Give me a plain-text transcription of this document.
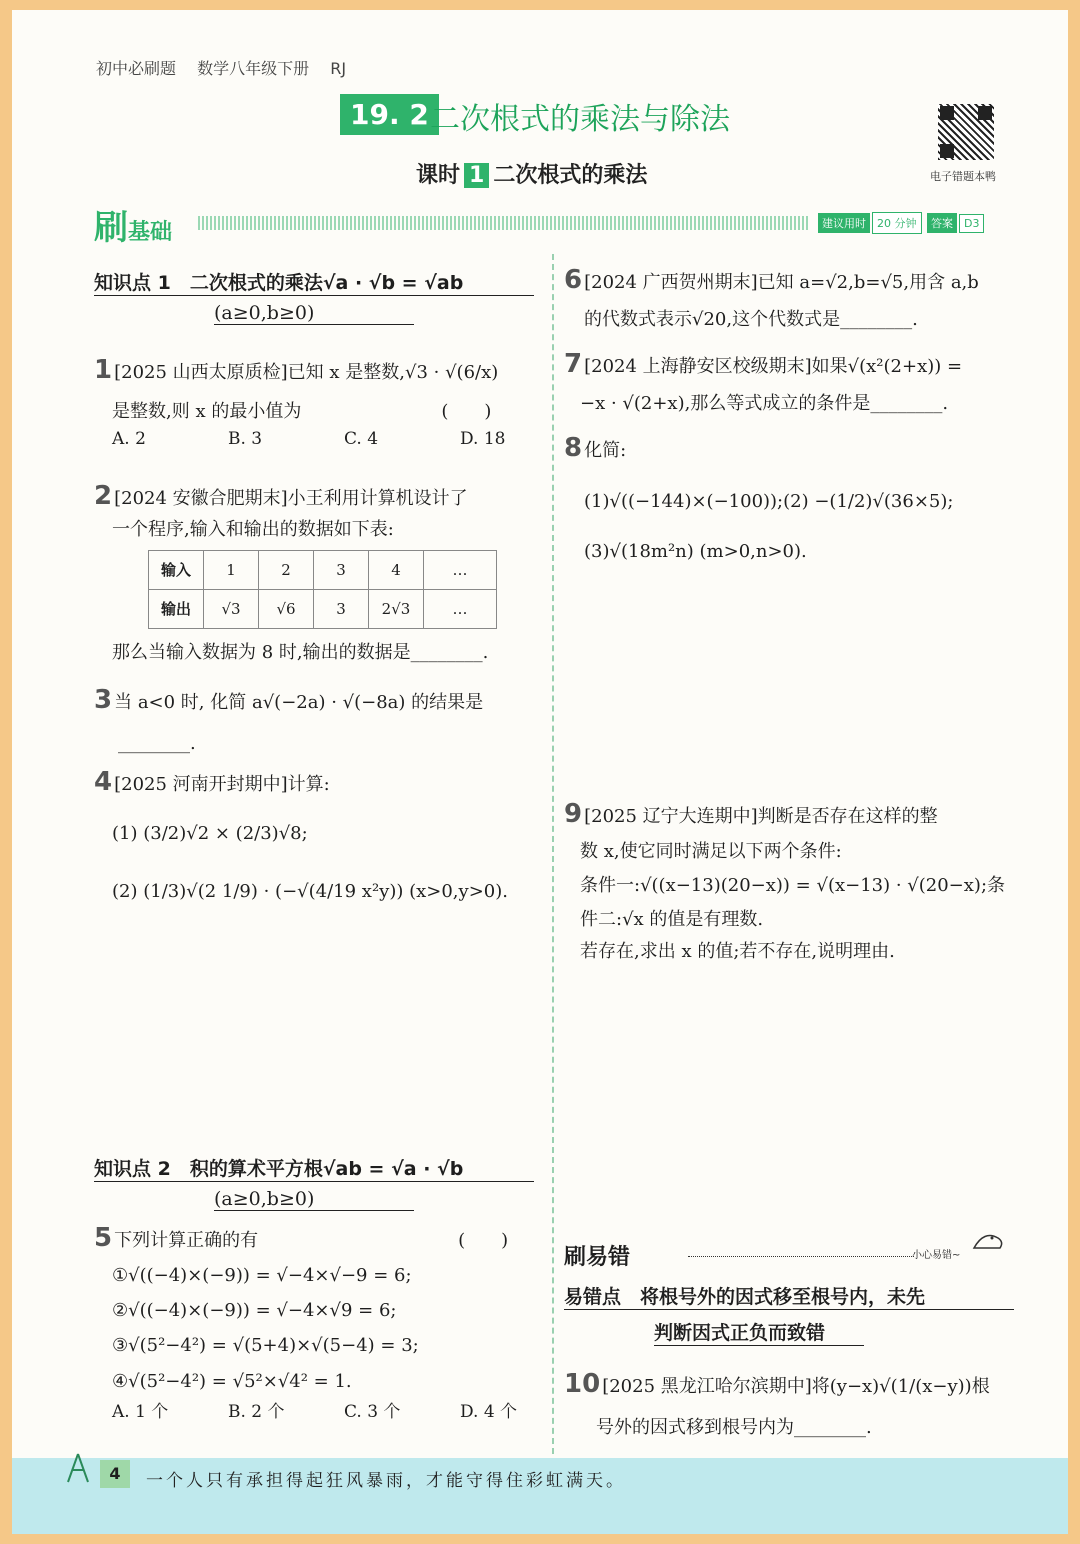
初中必刷题 数学八年级下册 RJ
19. 2 二次根式的乘法与除法
课时 1 二次根式的乘法	电子错题本鸭
刷基础	建议用时 20 分钟 答案 D3
知识点 1　二次根式的乘法√a · √b = √ab
(a≥0,b≥0)
1 [2025 山西太原质检]已知 x 是整数,√3 · √(6/x)
是整数,则 x 的最小值为	(　　)
A. 2	B. 3	C. 4	D. 18
2 [2024 安徽合肥期末]小王利用计算机设计了
一个程序,输入和输出的数据如下表:
输入	1	2	3	4	…
输出	√3	√6	3	2√3	…
那么当输入数据为 8 时,输出的数据是________.
3 当 a<0 时, 化简 a√(−2a) · √(−8a) 的结果是
________.
4 [2025 河南开封期中]计算:
(1) (3/2)√2 × (2/3)√8;
(2) (1/3)√(2 1/9) · (−√(4/19 x²y)) (x>0,y>0).
知识点 2　积的算术平方根√ab = √a · √b
(a≥0,b≥0)
5 下列计算正确的有	(　　)
①√((−4)×(−9)) = √−4×√−9 = 6;
②√((−4)×(−9)) = √−4×√9 = 6;
③√(5²−4²) = √(5+4)×√(5−4) = 3;
④√(5²−4²) = √5²×√4² = 1.
A. 1 个	B. 2 个	C. 3 个	D. 4 个
6 [2024 广西贺州期末]已知 a=√2,b=√5,用含 a,b
的代数式表示√20,这个代数式是________.
7 [2024 上海静安区校级期末]如果√(x²(2+x)) =
−x · √(2+x),那么等式成立的条件是________.
8 化简:
(1)√((−144)×(−100));(2) −(1/2)√(36×5);
(3)√(18m²n) (m>0,n>0).
9 [2025 辽宁大连期中]判断是否存在这样的整
数 x,使它同时满足以下两个条件:
条件一:√((x−13)(20−x)) = √(x−13) · √(20−x);条
件二:√x 的值是有理数.
若存在,求出 x 的值;若不存在,说明理由.
刷易错	小心易错~
易错点　将根号外的因式移至根号内，未先
判断因式正负而致错
10 [2025 黑龙江哈尔滨期中]将(y−x)√(1/(x−y))根
号外的因式移到根号内为________.
4	一个人只有承担得起狂风暴雨，才能守得住彩虹满天。
